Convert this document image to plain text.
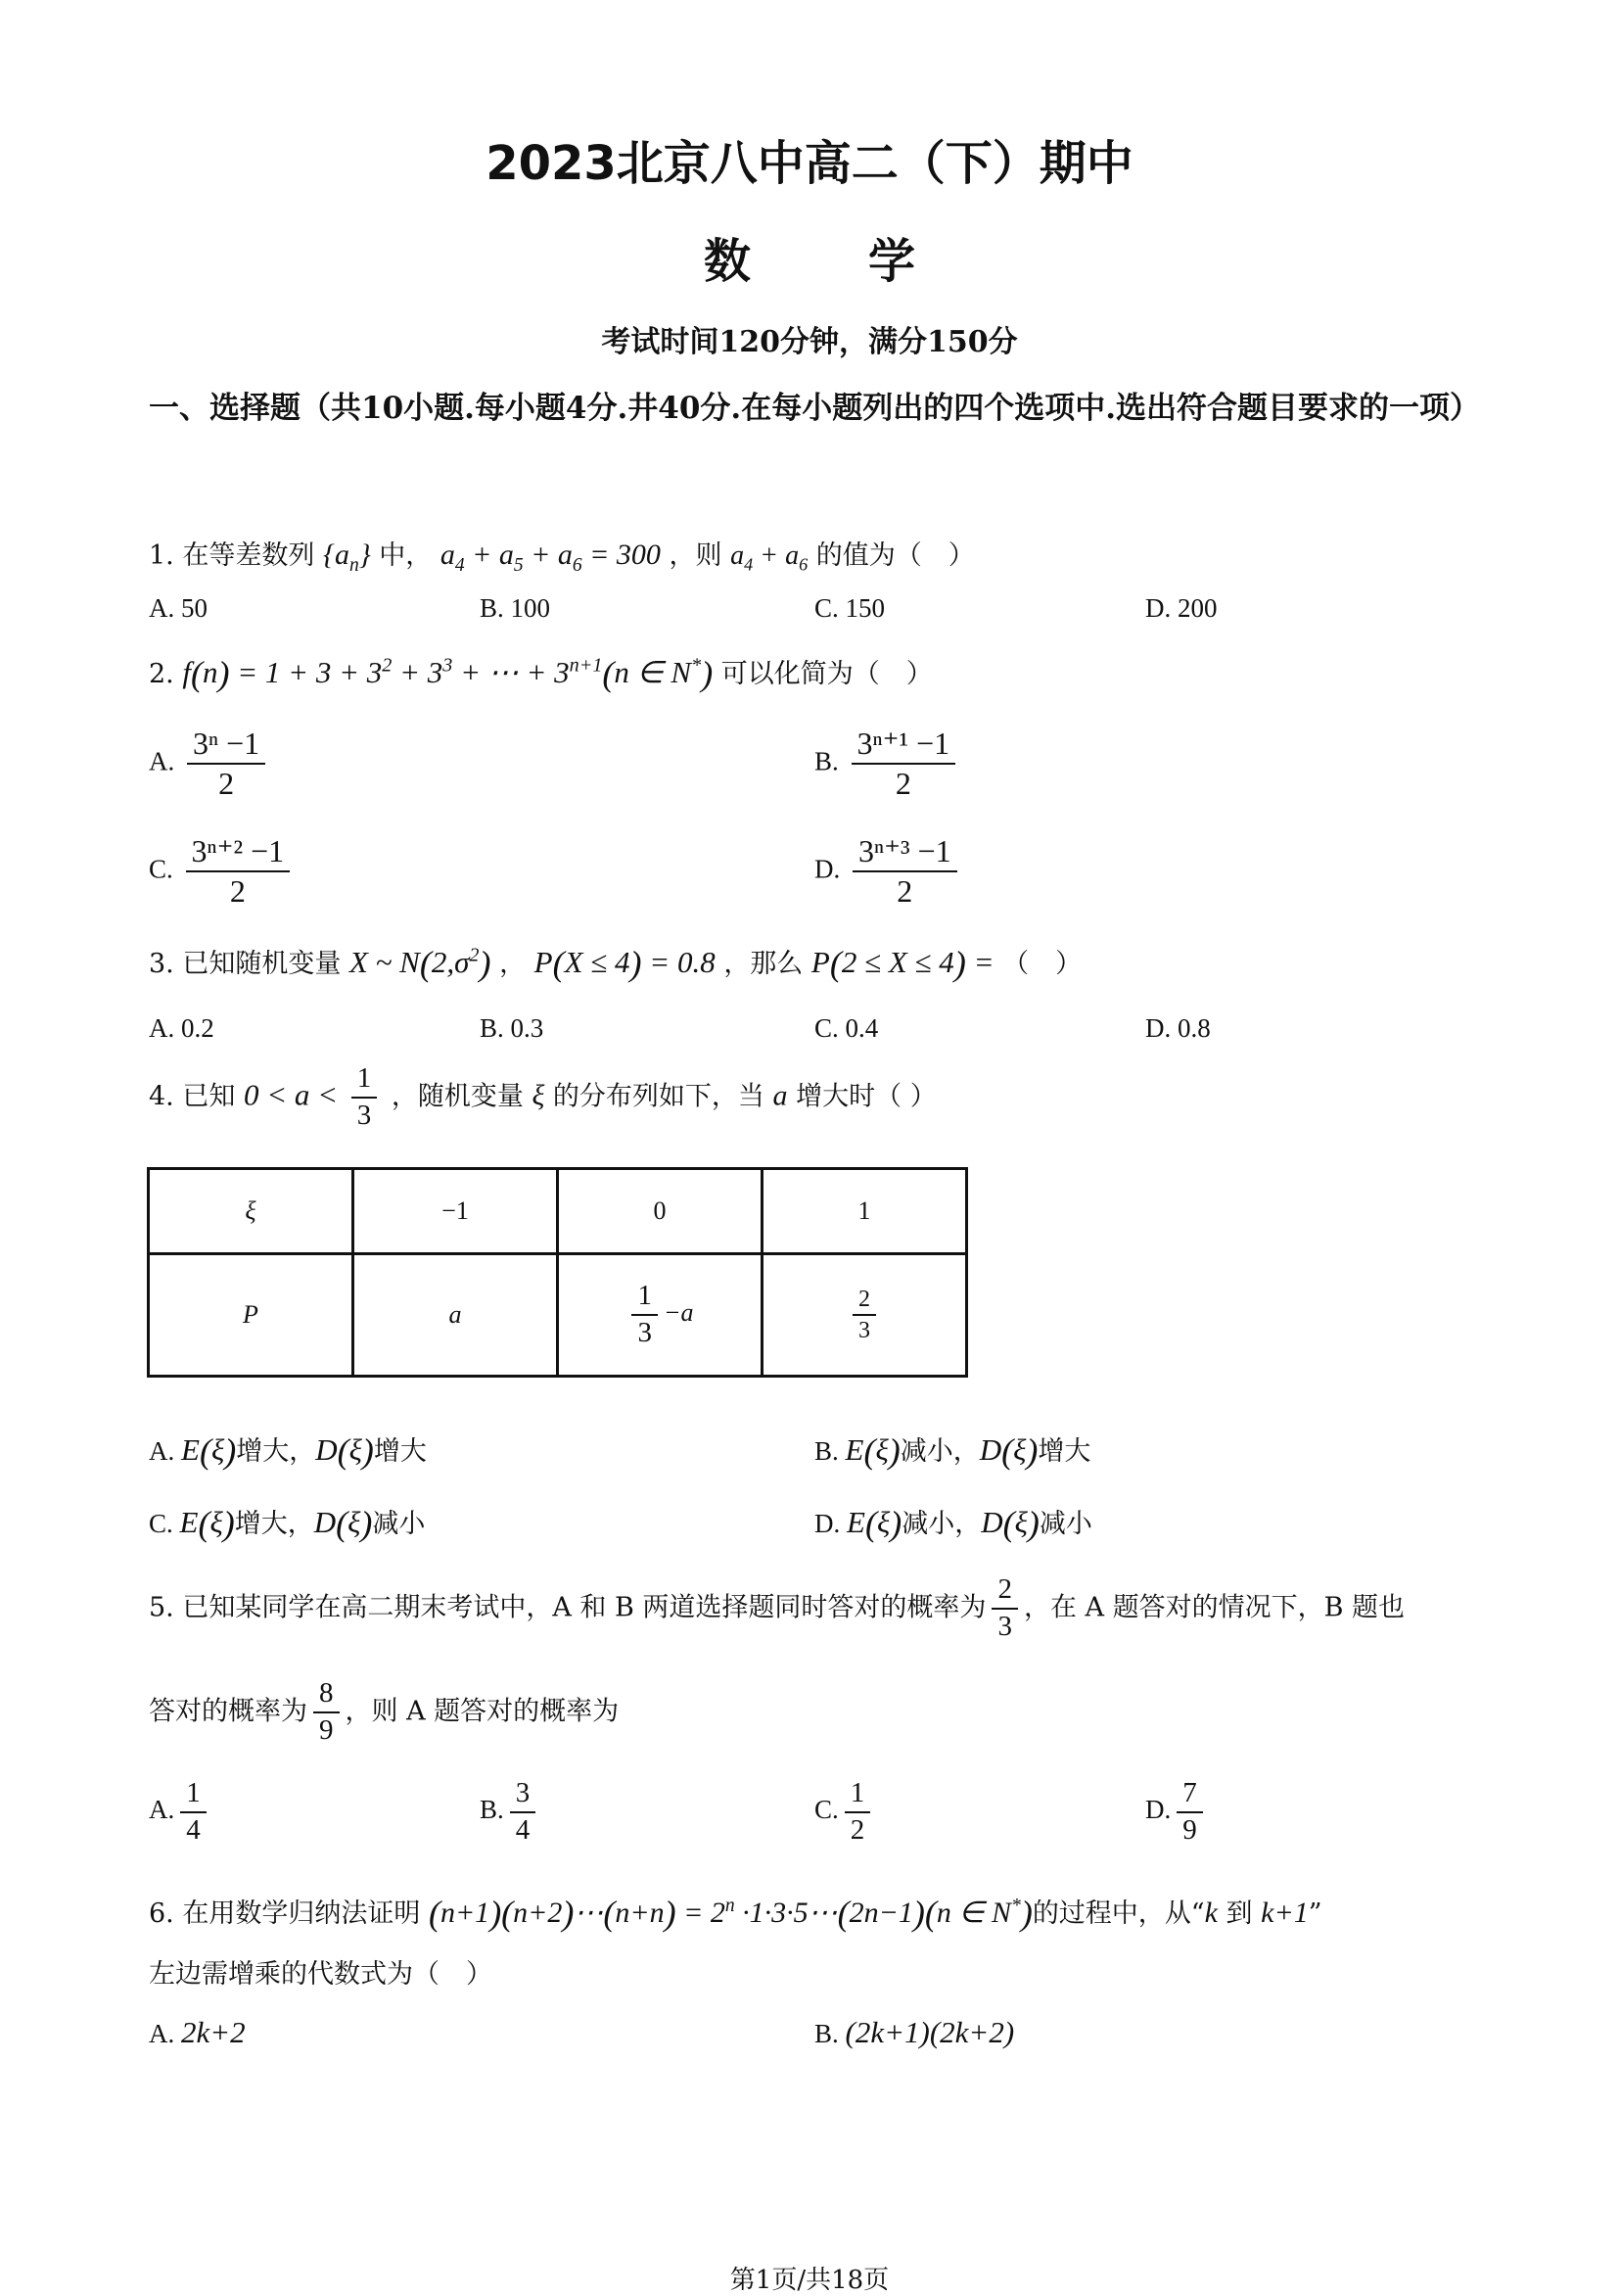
2023北京八中高二（下）期中
数	学
考试时间120分钟，满分150分
一、选择题（共10小题.每小题4分.井40分.在每小题列出的四个选项中.选出符合题目要求的一项）
1. 在等差数列 $\{a_n\}$ 中， $a_4 + a_5 + a_6 = 300$ ，则 $a_4 + a_6$ 的值为（　）
A. 50	B. 100	C. 150	D. 200
2. $f(n) = 1 + 3 + 3^2 + 3^3$ + ⋯ + $3^{n+1}(n$ ∈ N*) 可以化简为（　）
A. $\frac{\text{3ⁿ −1}}{2}$	B. $\frac{\text{3ⁿ⁺¹ −1}}{2}$
C. $\frac{\text{3ⁿ⁺² −1}}{2}$	D. $\frac{\text{3ⁿ⁺³ −1}}{2}$
3. 已知随机变量 X ~ $N(2,\sigma^2)$ ， P(X ≤ 4) = 0.8 ，那么 P(2 ≤ X ≤ 4) = （　）
A. 0.2	B. 0.3	C. 0.4	D. 0.8
4. 已知 $0 < a < \frac{1}{3}$ ，随机变量 ξ 的分布列如下，当 a 增大时（ ）
ξ	−1	0	1
P	a	$\frac{1}{3} -a$	$\frac{2}{3}$
A. E(ξ)增大，D(ξ)增大	B. E(ξ)减小，D(ξ)增大
C. E(ξ)增大，D(ξ)减小	D. E(ξ)减小，D(ξ)减小
5. 已知某同学在高二期末考试中，A 和 B 两道选择题同时答对的概率为 $\frac{2}{3}$ ，在 A 题答对的情况下，B 题也
答对的概率为 $\frac{8}{9}$ ，则 A 题答对的概率为
A. $\frac{1}{4}$	B. $\frac{3}{4}$	C. $\frac{1}{2}$	D. $\frac{7}{9}$
6. 在用数学归纳法证明 (n+1)(n+2)⋯(n+n) = $2^n$ ·1·3·5⋯(2n−1)(n ∈ N*)的过程中，从“k 到 k+1”
左边需增乘的代数式为（　）
A. 2k+2	B. (2k+1)(2k+2)
第1页/共18页
